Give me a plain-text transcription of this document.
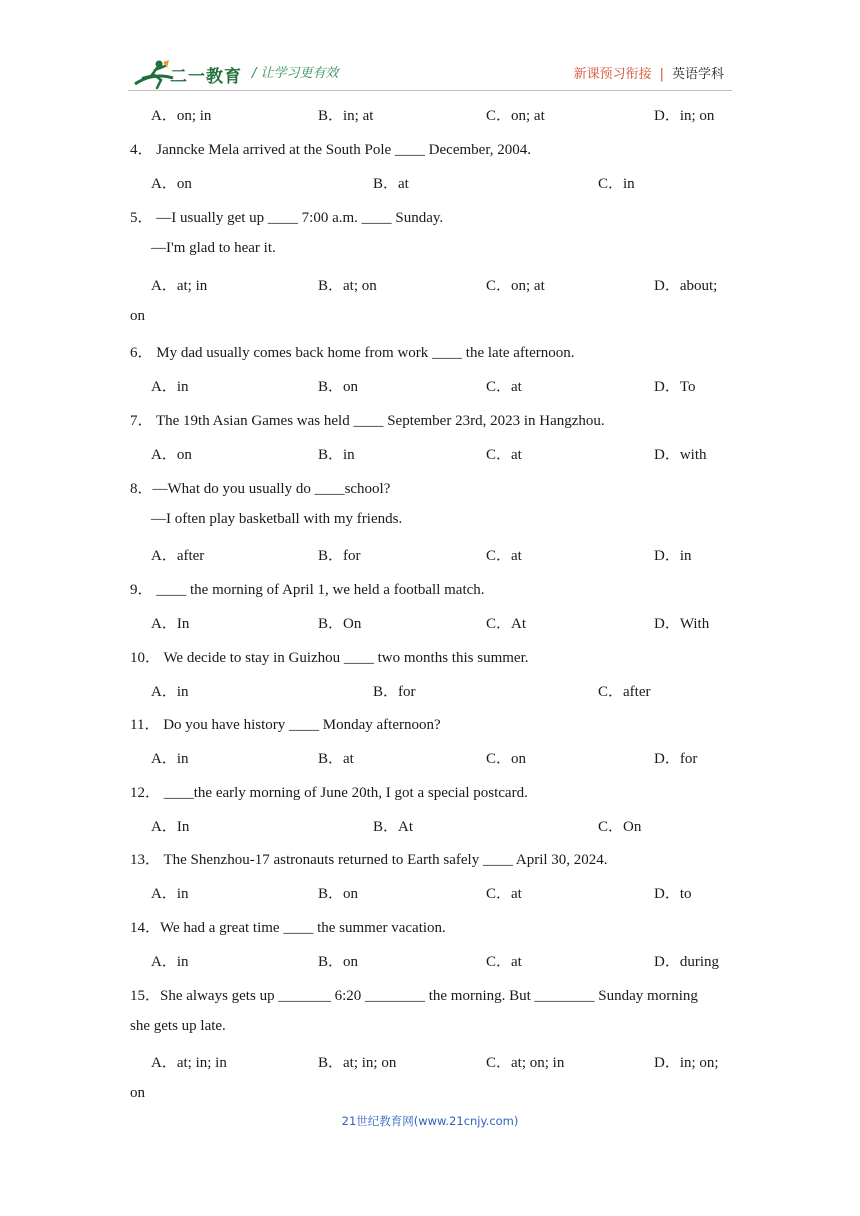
二一教育 / 让学习更有效	新课预习衔接 | 英语学科
A．on; in	B．in; at	C．on; at	D．in; on
4． Janncke Mela arrived at the South Pole ____ December, 2004.
A．on	B．at	C．in
5． —I usually get up ____ 7:00 a.m. ____ Sunday.
—I'm glad to hear it.
A．at; in	B．at; on	C．on; at	D．about;
on
6． My dad usually comes back home from work ____ the late afternoon.
A．in	B．on	C．at	D．To
7． The 19th Asian Games was held ____ September 23rd, 2023 in Hangzhou.
A．on	B．in	C．at	D．with
8．—What do you usually do ____school?
—I often play basketball with my friends.
A．after	B．for	C．at	D．in
9． ____ the morning of April 1, we held a football match.
A．In	B．On	C．At	D．With
10． We decide to stay in Guizhou ____ two months this summer.
A．in	B．for	C．after
11． Do you have history ____ Monday afternoon?
A．in	B．at	C．on	D．for
12． ____the early morning of June 20th, I got a special postcard.
A．In	B．At	C．On
13． The Shenzhou-17 astronauts returned to Earth safely ____ April 30, 2024.
A．in	B．on	C．at	D．to
14．We had a great time ____ the summer vacation.
A．in	B．on	C．at	D．during
15．She always gets up _______ 6:20 ________ the morning. But ________ Sunday morning
she gets up late.
A．at; in; in	B．at; in; on	C．at; on; in	D．in; on;
on
21世纪教育网(www.21cnjy.com)
